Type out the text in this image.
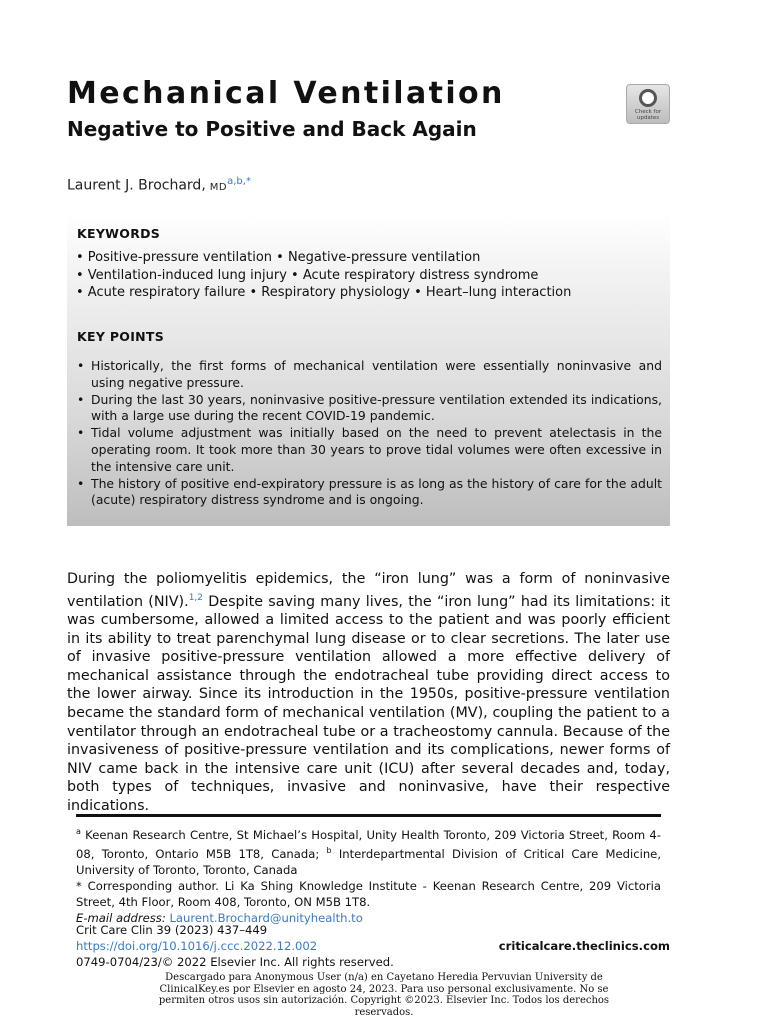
Mechanical Ventilation
Negative to Positive and Back Again
Check for updates
Laurent J. Brochard, $MD^{a,b,*}$
KEYWORDS
• Positive-pressure ventilation • Negative-pressure ventilation
• Ventilation-induced lung injury • Acute respiratory distress syndrome
• Acute respiratory failure • Respiratory physiology • Heart–lung interaction
KEY POINTS
• Historically, the first forms of mechanical ventilation were essentially noninvasive and using negative pressure.
• During the last 30 years, noninvasive positive-pressure ventilation extended its indications, with a large use during the recent COVID-19 pandemic.
• Tidal volume adjustment was initially based on the need to prevent atelectasis in the operating room. It took more than 30 years to prove tidal volumes were often excessive in the intensive care unit.
• The history of positive end-expiratory pressure is as long as the history of care for the adult (acute) respiratory distress syndrome and is ongoing.

During the poliomyelitis epidemics, the “iron lung” was a form of noninvasive ventilation (NIV).$^{1,2}$ Despite saving many lives, the “iron lung” had its limitations: it was cumbersome, allowed a limited access to the patient and was poorly efficient in its ability to treat parenchymal lung disease or to clear secretions. The later use of invasive positive-pressure ventilation allowed a more effective delivery of mechanical assistance through the endotracheal tube providing direct access to the lower airway. Since its introduction in the 1950s, positive-pressure ventilation became the standard form of mechanical ventilation (MV), coupling the patient to a ventilator through an endotracheal tube or a tracheostomy cannula. Because of the invasiveness of positive-pressure ventilation and its complications, newer forms of NIV came back in the intensive care unit (ICU) after several decades and, today, both types of techniques, invasive and noninvasive, have their respective indications.

$^a$ Keenan Research Centre, St Michael’s Hospital, Unity Health Toronto, 209 Victoria Street, Room 4-08, Toronto, Ontario M5B 1T8, Canada; $^b$ Interdepartmental Division of Critical Care Medicine, University of Toronto, Toronto, Canada

* Corresponding author. Li Ka Shing Knowledge Institute - Keenan Research Centre, 209 Victoria Street, 4th Floor, Room 408, Toronto, ON M5B 1T8.

E-mail address: Laurent.Brochard@unityhealth.to

Crit Care Clin 39 (2023) 437–449
https://doi.org/10.1016/j.ccc.2022.12.002
0749-0704/23/© 2022 Elsevier Inc. All rights reserved.
criticalcare.theclinics.com
Descargado para Anonymous User (n/a) en Cayetano Heredia Pervuvian University de ClinicalKey.es por Elsevier en agosto 24, 2023. Para uso personal exclusivamente. No se permiten otros usos sin autorización. Copyright ©2023. Elsevier Inc. Todos los derechos reservados.
